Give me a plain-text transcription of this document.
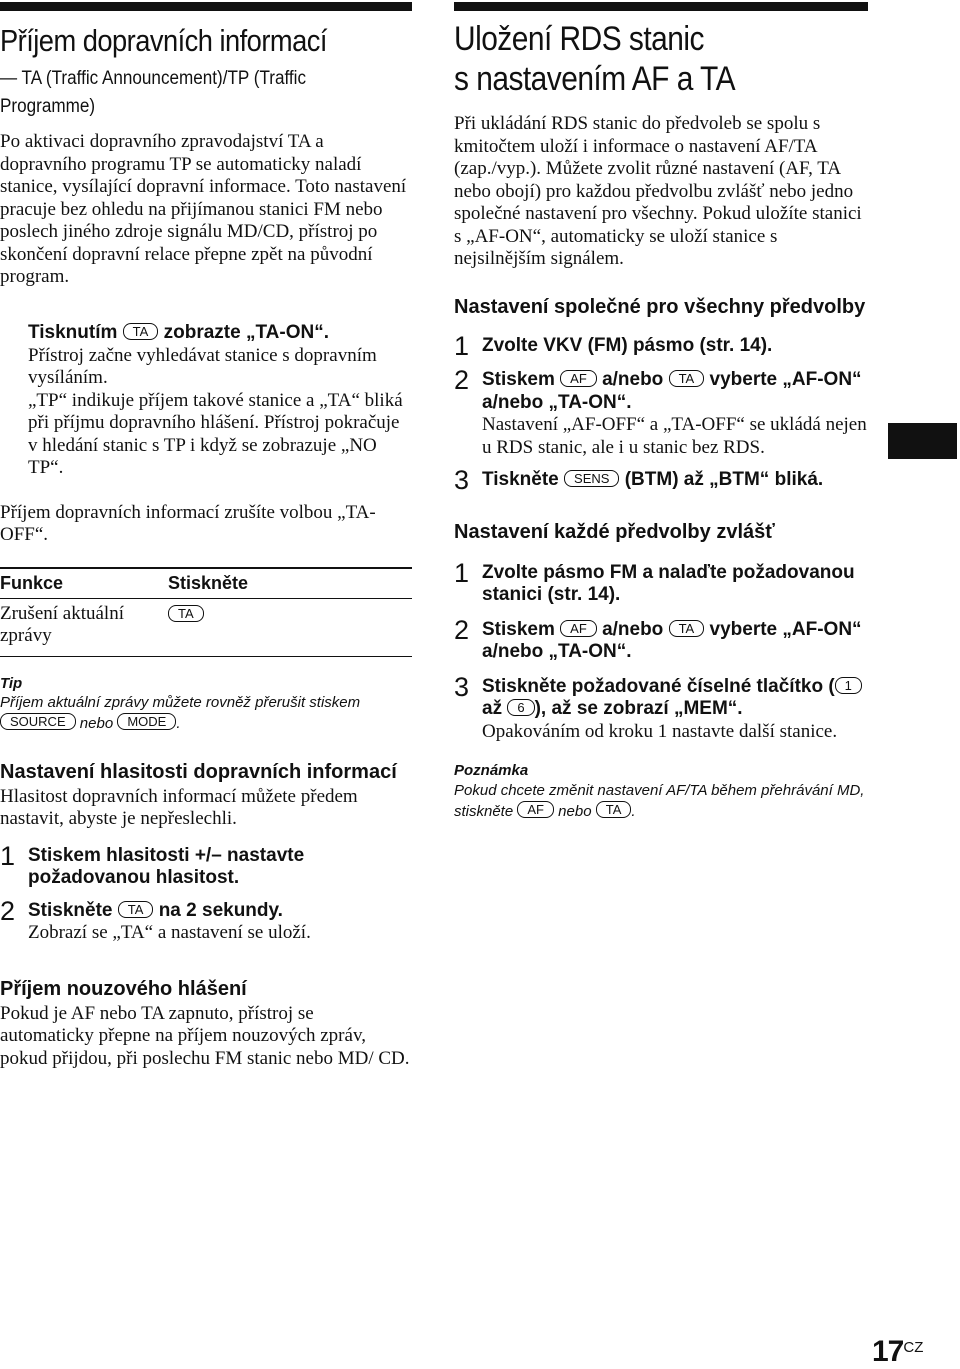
Příjem dopravních informací
— TA (Traffic Announcement)/TP (Traffic
Programme)

Po aktivaci dopravního zpravodajství TA a dopravního programu TP se automaticky naladí stanice, vysílající dopravní informace. Toto nastavení pracuje bez ohledu na přijímanou stanici FM nebo poslech jiného zdroje signálu MD/CD, přístroj po skončení dopravní relace přepne zpět na původní program.

Tisknutím TA zobrazte „TA-ON“.

Přístroj začne vyhledávat stanice s dopravním vysíláním.

„TP“ indikuje příjem takové stanice a „TA“ bliká při příjmu dopravního hlášení. Přístroj pokračuje v hledání stanic s TP i když se zobrazuje „NO TP“.

Příjem dopravních informací zrušíte volbou „TA-OFF“.

Funkce	Stiskněte
Zrušení aktuální zprávy	TA
Tip
Příjem aktuální zprávy můžete rovněž přerušit stiskem SOURCE nebo MODE .
Nastavení hlasitosti dopravních informací

Hlasitost dopravních informací můžete předem nastavit, abyste je nepřeslechli.

1 Stiskem hlasitosti +/– nastavte požadovanou hlasitost.
2 Stiskněte TA na 2 sekundy.
Zobrazí se „TA“ a nastavení se uloží.
Příjem nouzového hlášení

Pokud je AF nebo TA zapnuto, přístroj se automaticky přepne na příjem nouzových zpráv, pokud přijdou, při poslechu FM stanic nebo MD/ CD.

Uložení RDS stanic
s nastavením AF a TA

Při ukládání RDS stanic do předvoleb se spolu s kmitočtem uloží i informace o nastavení AF/TA (zap./vyp.). Můžete zvolit různé nastavení (AF, TA nebo obojí) pro každou předvolbu zvlášť nebo jedno společné nastavení pro všechny. Pokud uložíte stanici s „AF-ON“, automaticky se uloží stanice s nejsilnějším signálem.

Nastavení společné pro všechny předvolby
1 Zvolte VKV (FM) pásmo (str. 14).
2 Stiskem AF a/nebo TA vyberte „AF-ON“ a/nebo „TA-ON“.
Nastavení „AF-OFF“ a „TA-OFF“ se ukládá nejen u RDS stanic, ale i u stanic bez RDS.
3 Tiskněte SENS (BTM) až „BTM“ bliká.
Nastavení každé předvolby zvlášť
1 Zvolte pásmo FM a nalaďte požadovanou stanici (str. 14).
2 Stiskem AF a/nebo TA vyberte „AF-ON“ a/nebo „TA-ON“.
3 Stiskněte požadované číselné tlačítko ( 1 až 6 ), až se zobrazí „MEM“.
Opakováním od kroku 1 nastavte další stanice.
Poznámka
Pokud chcete změnit nastavení AF/TA během přehrávání MD, stiskněte AF nebo TA .
$17^{CZ}$
